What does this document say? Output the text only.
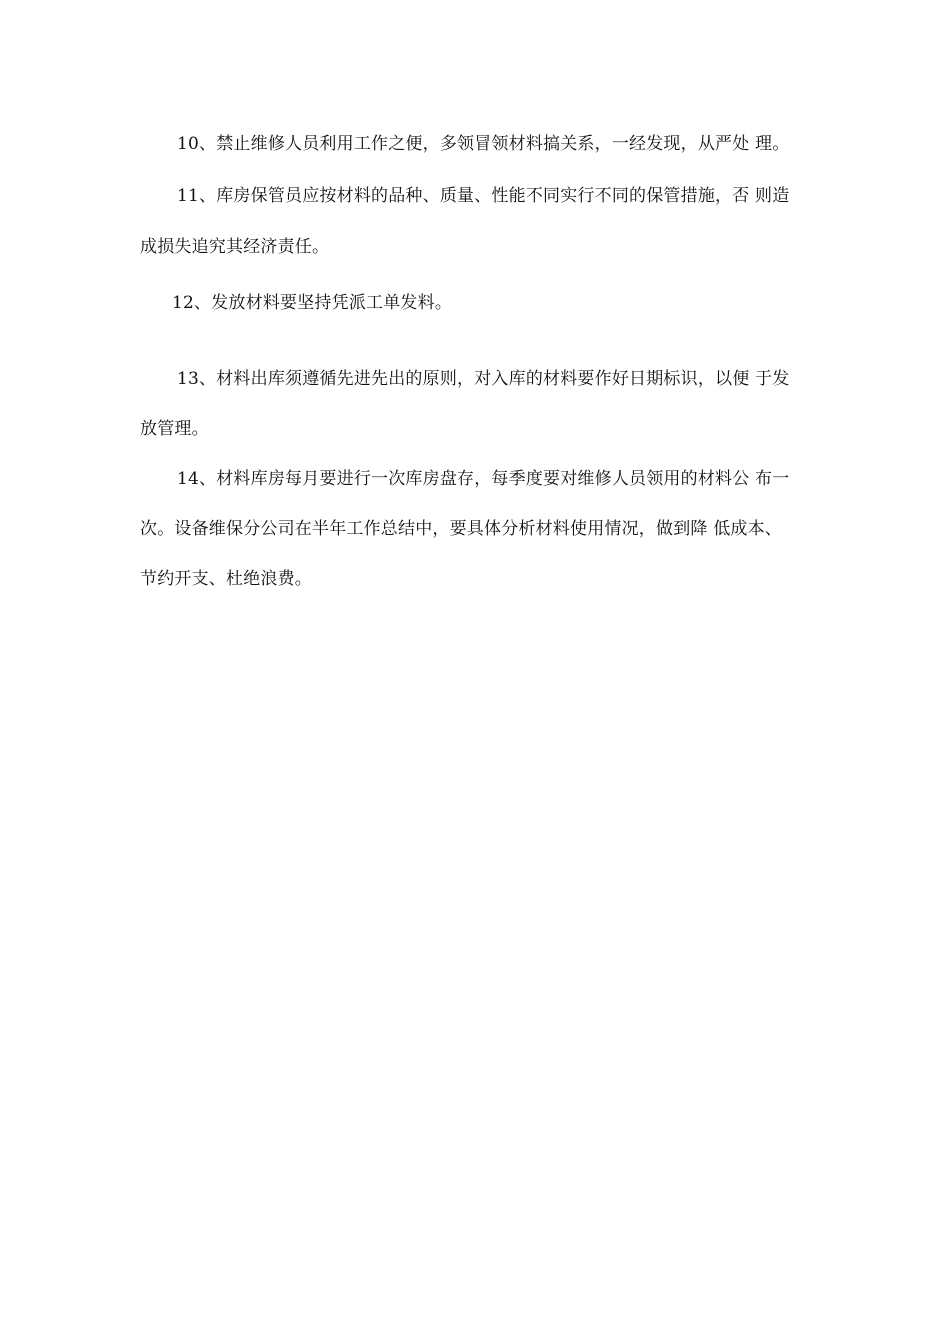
10、禁止维修人员利用工作之便，多领冒领材料搞关系，一经发现，从严处 理。
11、库房保管员应按材料的品种、质量、性能不同实行不同的保管措施，否 则造
成损失追究其经济责任。
12、发放材料要坚持凭派工单发料。
13、材料出库须遵循先进先出的原则，对入库的材料要作好日期标识，以便 于发
放管理。
14、材料库房每月要进行一次库房盘存，每季度要对维修人员领用的材料公 布一
次。设备维保分公司在半年工作总结中，要具体分析材料使用情况，做到降 低成本、
节约开支、杜绝浪费。
